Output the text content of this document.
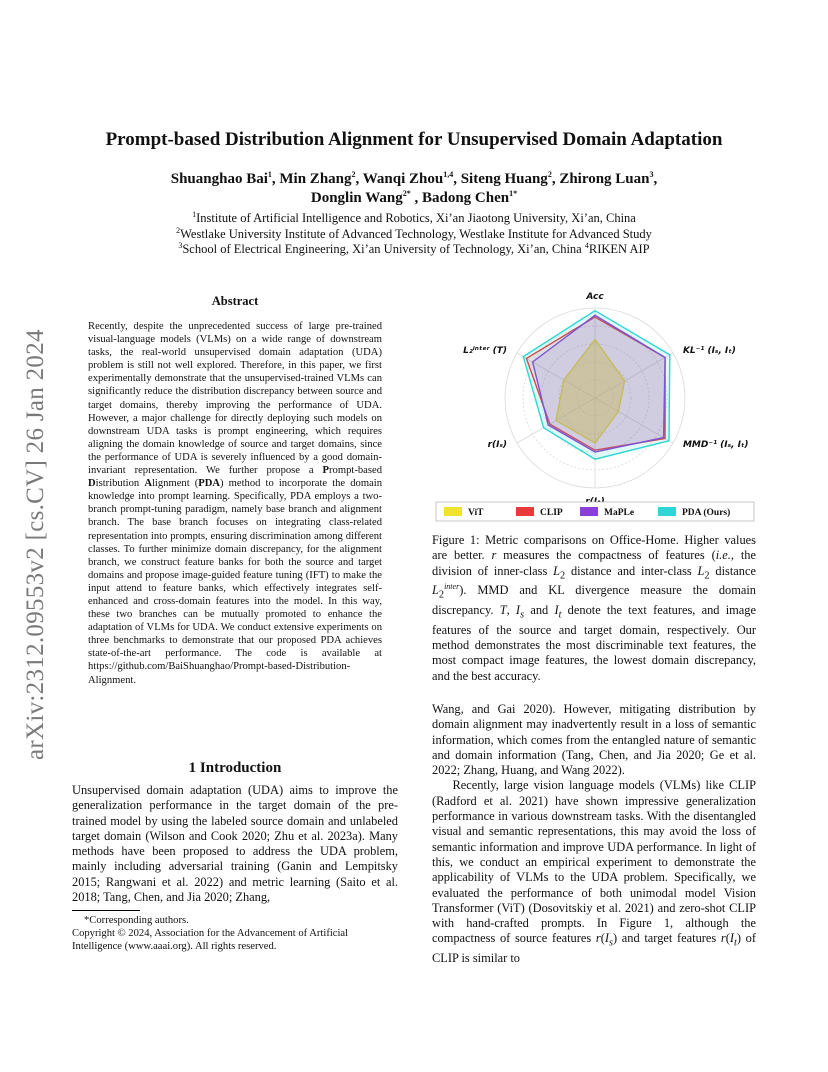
arXiv:2312.09553v2 [cs.CV] 26 Jan 2024
Prompt-based Distribution Alignment for Unsupervised Domain Adaptation
Shuanghao Bai$^1$, Min Zhang$^2$, Wanqi Zhou$^{1,4}$, Siteng Huang$^2$, Zhirong Luan$^3$,
Donglin Wang$^{2*}$ , Badong Chen$^{1*}$
$^1$Institute of Artificial Intelligence and Robotics, Xi’an Jiaotong University, Xi’an, China
$^2$Westlake University Institute of Advanced Technology, Westlake Institute for Advanced Study
$^3$School of Electrical Engineering, Xi’an University of Technology, Xi’an, China $^4$RIKEN AIP
Abstract
Recently, despite the unprecedented success of large pre-trained visual-language models (VLMs) on a wide range of downstream tasks, the real-world unsupervised domain adaptation (UDA) problem is still not well explored. Therefore, in this paper, we first experimentally demonstrate that the unsupervised-trained VLMs can significantly reduce the distribution discrepancy between source and target domains, thereby improving the performance of UDA. However, a major challenge for directly deploying such models on downstream UDA tasks is prompt engineering, which requires aligning the domain knowledge of source and target domains, since the performance of UDA is severely influenced by a good domain-invariant representation. We further propose a Prompt-based Distribution Alignment (PDA) method to incorporate the domain knowledge into prompt learning. Specifically, PDA employs a two-branch prompt-tuning paradigm, namely base branch and alignment branch. The base branch focuses on integrating class-related representation into prompts, ensuring discrimination among different classes. To further minimize domain discrepancy, for the alignment branch, we construct feature banks for both the source and target domains and propose image-guided feature tuning (IFT) to make the input attend to feature banks, which effectively integrates self-enhanced and cross-domain features into the model. In this way, these two branches can be mutually promoted to enhance the adaptation of VLMs for UDA. We conduct extensive experiments on three benchmarks to demonstrate that our proposed PDA achieves state-of-the-art performance. The code is available at https://github.com/BaiShuanghao/Prompt-based-Distribution-Alignment.
1 Introduction
Unsupervised domain adaptation (UDA) aims to improve the generalization performance in the target domain of the pre-trained model by using the labeled source domain and unlabeled target domain (Wilson and Cook 2020; Zhu et al. 2023a). Many methods have been proposed to address the UDA problem, mainly including adversarial training (Ganin and Lempitsky 2015; Rangwani et al. 2022) and metric learning (Saito et al. 2018; Tang, Chen, and Jia 2020; Zhang,
*Corresponding authors.
Copyright © 2024, Association for the Advancement of Artificial Intelligence (www.aaai.org). All rights reserved.
Acc
KL⁻¹ (Iₛ, Iₜ)
MMD⁻¹ (Iₛ, Iₜ)
r(Iₛ)
L₂ⁱⁿᵗᵉʳ (T)
ViT	CLIP	MaPLe	PDA (Ours)
Figure 1: Metric comparisons on Office-Home. Higher values are better. r measures the compactness of features (i.e., the division of inner-class $L_2$ distance and inter-class $L_2$ distance $L_2^{inter}$). MMD and KL divergence measure the domain discrepancy. T, $I_s$ and $I_t$ denote the text features, and image features of the source and target domain, respectively. Our method demonstrates the most discriminable text features, the most compact image features, the lowest domain discrepancy, and the best accuracy.
Wang, and Gai 2020). However, mitigating distribution by domain alignment may inadvertently result in a loss of semantic information, which comes from the entangled nature of semantic and domain information (Tang, Chen, and Jia 2020; Ge et al. 2022; Zhang, Huang, and Wang 2022).
Recently, large vision language models (VLMs) like CLIP (Radford et al. 2021) have shown impressive generalization performance in various downstream tasks. With the disentangled visual and semantic representations, this may avoid the loss of semantic information and improve UDA performance. In light of this, we conduct an empirical experiment to demonstrate the applicability of VLMs to the UDA problem. Specifically, we evaluated the performance of both unimodal model Vision Transformer (ViT) (Dosovitskiy et al. 2021) and zero-shot CLIP with hand-crafted prompts. In Figure 1, although the compactness of source features $r(I_s)$ and target features $r(I_t)$ of CLIP is similar to
